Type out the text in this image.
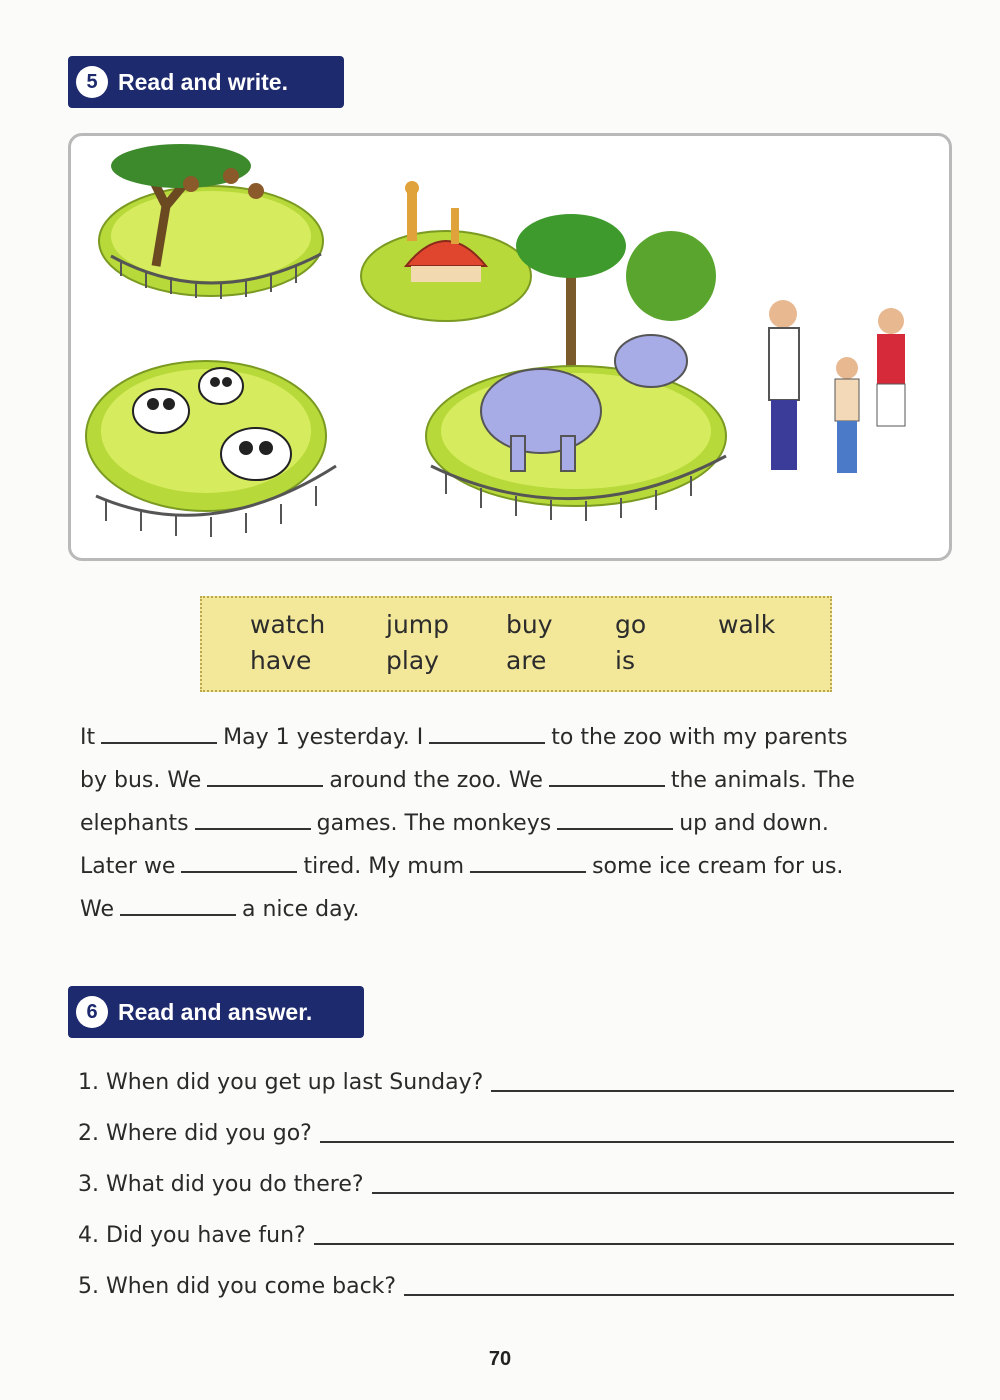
5 Read and write.
watch jump buy go	walk
have	play	are	is
It	May 1 yesterday. I	to the zoo with my parents
by bus. We	around the zoo. We	the animals. The
elephants	games. The monkeys	up and down.
Later we	tired. My mum	some ice cream for us.
We	a nice day.
6 Read and answer.
1. When did you get up last Sunday?
2. Where did you go?
3. What did you do there?
4. Did you have fun?
5. When did you come back?
70
